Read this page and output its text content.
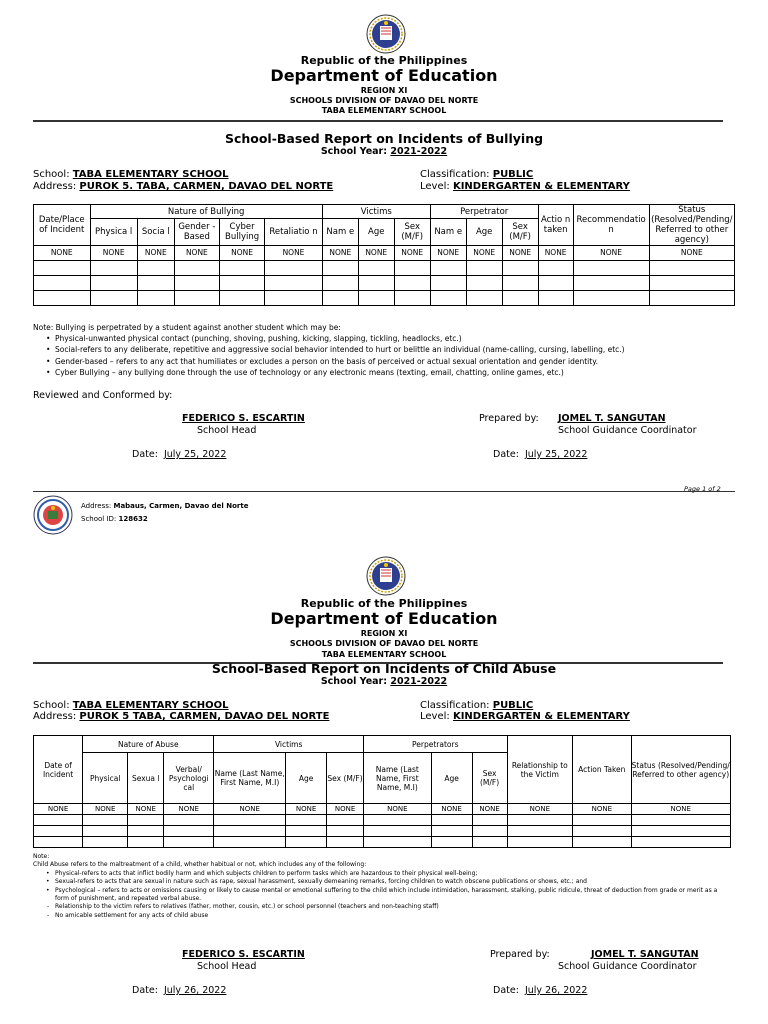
Republic of the Philippines
Department of Education
REGION XI
SCHOOLS DIVISION OF DAVAO DEL NORTE
TABA ELEMENTARY SCHOOL
School-Based Report on Incidents of Bullying
School Year: 2021-2022
School: TABA ELEMENTARY SCHOOL
Address: PUROK 5. TABA, CARMEN, DAVAO DEL NORTE
Classification: PUBLIC
Level: KINDERGARTEN & ELEMENTARY
Date/Place of Incident	Nature of Bullying					Victims			Perpetrator			Actio n taken	Recommendatio n	Status (Resolved/Pending/ Referred to other agency)
	Physica l	Socia l	Gender -Based	Cyber Bullying	Retaliatio n	Nam e	Age	Sex (M/F)	Nam e	Age	Sex (M/F)			
NONE	NONE	NONE	NONE	NONE	NONE	NONE	NONE	NONE	NONE	NONE	NONE	NONE	NONE	NONE

Note: Bullying is perpetrated by a student against another student which may be:
• Physical-unwanted physical contact (punching, shoving, pushing, kicking, slapping, tickling, headlocks, etc.)
• Social-refers to any deliberate, repetitive and aggressive social behavior intended to hurt or belittle an individual (name-calling, cursing, labelling, etc.)
• Gender-based – refers to any act that humiliates or excludes a person on the basis of perceived or actual sexual orientation and gender identity.
• Cyber Bullying – any bullying done through the use of technology or any electronic means (texting, email, chatting, online games, etc.)
Reviewed and Conformed by:
FEDERICO S. ESCARTIN
School Head
Prepared by: JOMEL T. SANGUTAN
School Guidance Coordinator
Date: July 25, 2022	Date: July 25, 2022
Page 1 of 2
Address: Mabaus, Carmen, Davao del Norte
School ID: 128632
Republic of the Philippines
Department of Education
REGION XI
SCHOOLS DIVISION OF DAVAO DEL NORTE
TABA ELEMENTARY SCHOOL
School-Based Report on Incidents of Child Abuse
School Year: 2021-2022
School: TABA ELEMENTARY SCHOOL
Address: PUROK 5 TABA, CARMEN, DAVAO DEL NORTE
Classification: PUBLIC
Level: KINDERGARTEN & ELEMENTARY
Date of Incident	Nature of Abuse			Victims			Perpetrators			Relationship to the Victim	Action Taken	Status (Resolved/Pending/ Referred to other agency)
	Physical	Sexua l	Verbal/ Psychologi cal	Name (Last Name, First Name, M.I)	Age	Sex (M/F)	Name (Last Name, First Name, M.I)	Age	Sex (M/F)			
NONE	NONE	NONE	NONE	NONE	NONE	NONE	NONE	NONE	NONE	NONE	NONE	NONE

Note:
Child Abuse refers to the maltreatment of a child, whether habitual or not, which includes any of the following:
• Physical-refers to acts that inflict bodily harm and which subjects children to perform tasks which are hazardous to their physical well-being;
• Sexual-refers to acts that are sexual in nature such as rape, sexual harassment, sexually demeaning remarks, forcing children to watch obscene publications or shows, etc.; and
• Psychological – refers to acts or omissions causing or likely to cause mental or emotional suffering to the child which include intimidation, harassment, stalking, public ridicule, threat of deduction from grade or merit as a form of punishment, and repeated verbal abuse.
- Relationship to the victim refers to relatives (father, mother, cousin, etc.) or school personnel (teachers and non-teaching staff)
- No amicable settlement for any acts of child abuse
FEDERICO S. ESCARTIN
School Head
Prepared by:	JOMEL T. SANGUTAN
School Guidance Coordinator
Date: July 26, 2022	Date: July 26, 2022
